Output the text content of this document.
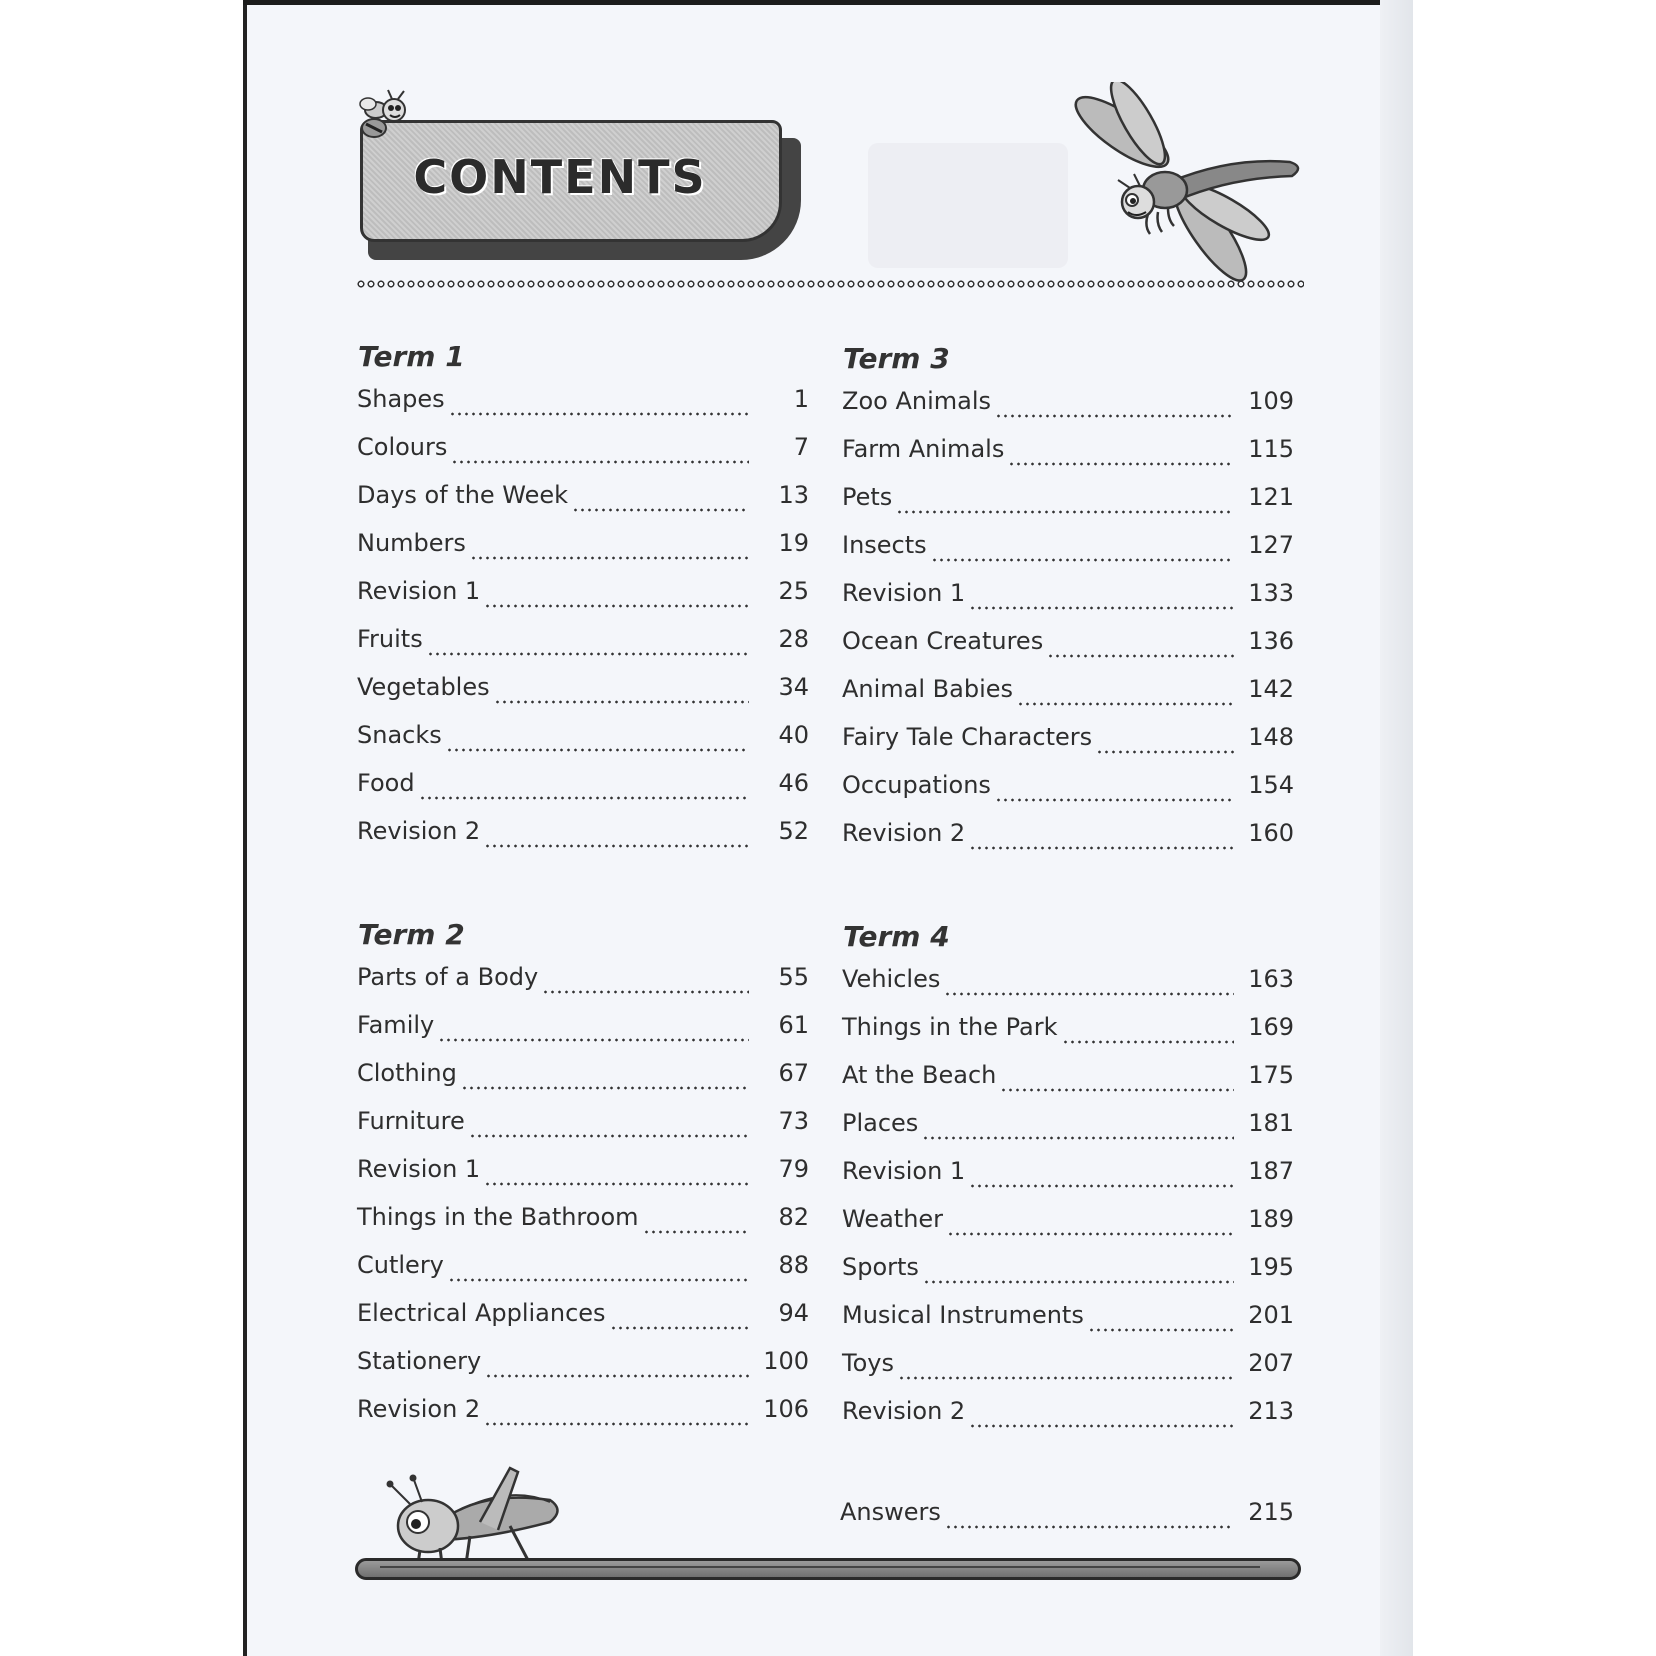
CONTENTS
Term 1
Shapes	1
Colours	7
Days of the Week	13
Numbers	19
Revision 1	25
Fruits	28
Vegetables	34
Snacks	40
Food	46
Revision 2	52
Term 2
Parts of a Body	55
Family	61
Clothing	67
Furniture	73
Revision 1	79
Things in the Bathroom	82
Cutlery	88
Electrical Appliances	94
Stationery	100
Revision 2	106
Term 3
Zoo Animals	109
Farm Animals	115
Pets	121
Insects	127
Revision 1	133
Ocean Creatures	136
Animal Babies	142
Fairy Tale Characters	148
Occupations	154
Revision 2	160
Term 4
Vehicles	163
Things in the Park	169
At the Beach	175
Places	181
Revision 1	187
Weather	189
Sports	195
Musical Instruments	201
Toys	207
Revision 2	213
Answers	215
